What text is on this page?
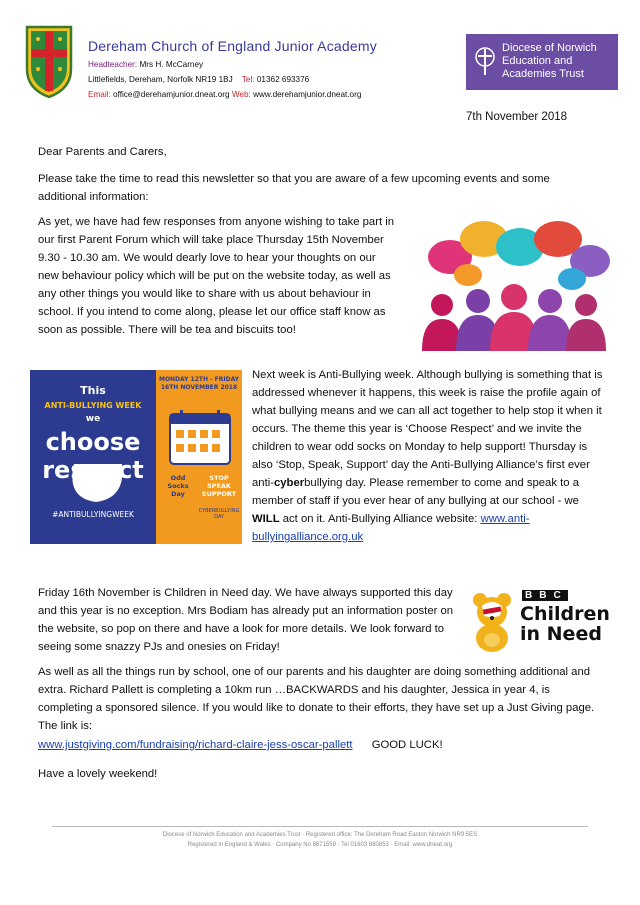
Dereham Church of England Junior Academy
Headteacher: Mrs H. McCarney
Littlefields, Dereham, Norfolk NR19 1BJ Tel: 01362 693376
Email: office@derehamjunior.dneat.org Web: www.derehamjunior.dneat.org
Diocese of Norwich
Education and
Academies Trust
7th November 2018
Dear Parents and Carers,
Please take the time to read this newsletter so that you are aware of a few upcoming events and some additional information:
As yet, we have had few responses from anyone wishing to take part in our first Parent Forum which will take place Thursday 15th November 9.30 - 10.30 am. We would dearly love to hear your thoughts on our new behaviour policy which will be put on the website today, as well as any other things you would like to share with us about behaviour in school. If you intend to come along, please let our office staff know as soon as possible. There will be tea and biscuits too!
This
ANTI-BULLYING WEEK
we
choose
respect
#ANTIBULLYINGWEEK
MONDAY 12TH - FRIDAY 16TH NOVEMBER 2018
Odd Socks Day
STOP SPEAK SUPPORT
CYBERBULLYING DAY
Next week is Anti-Bullying week. Although bullying is something that is addressed whenever it happens, this week is raise the profile again of what bullying means and we can all act together to help stop it when it occurs. The theme this year is ‘Choose Respect’ and we invite the children to wear odd socks on Monday to help support! Thursday is also ‘Stop, Speak, Support’ day the Anti-Bullying Alliance’s first ever anti-cyberbullying day. Please remember to come and speak to a member of staff if you ever hear of any bullying at our school - we WILL act on it. Anti-Bullying Alliance website: www.anti-bullyingalliance.org.uk
Friday 16th November is Children in Need day. We have always supported this day and this year is no exception. Mrs Bodiam has already put an information poster on the website, so pop on there and have a look for more details. We look forward to seeing some snazzy PJs and onesies on Friday!
BBC
Children
in Need
As well as all the things run by school, one of our parents and his daughter are doing something additional and extra. Richard Pallett is completing a 10km run …BACKWARDS and his daughter, Jessica in year 4, is completing a sponsored silence. If you would like to donate to their efforts, they have set up a Just Giving page. The link is:
www.justgiving.com/fundraising/richard-claire-jess-oscar-pallett GOOD LUCK!
Have a lovely weekend!
Diocese of Norwich Education and Academies Trust · Registered office: The Dereham Road Easton Norwich NR9 5ES
Registered in England & Wales · Company No 8671559 · Tel 01603 880853 · Email: www.dneat.org
